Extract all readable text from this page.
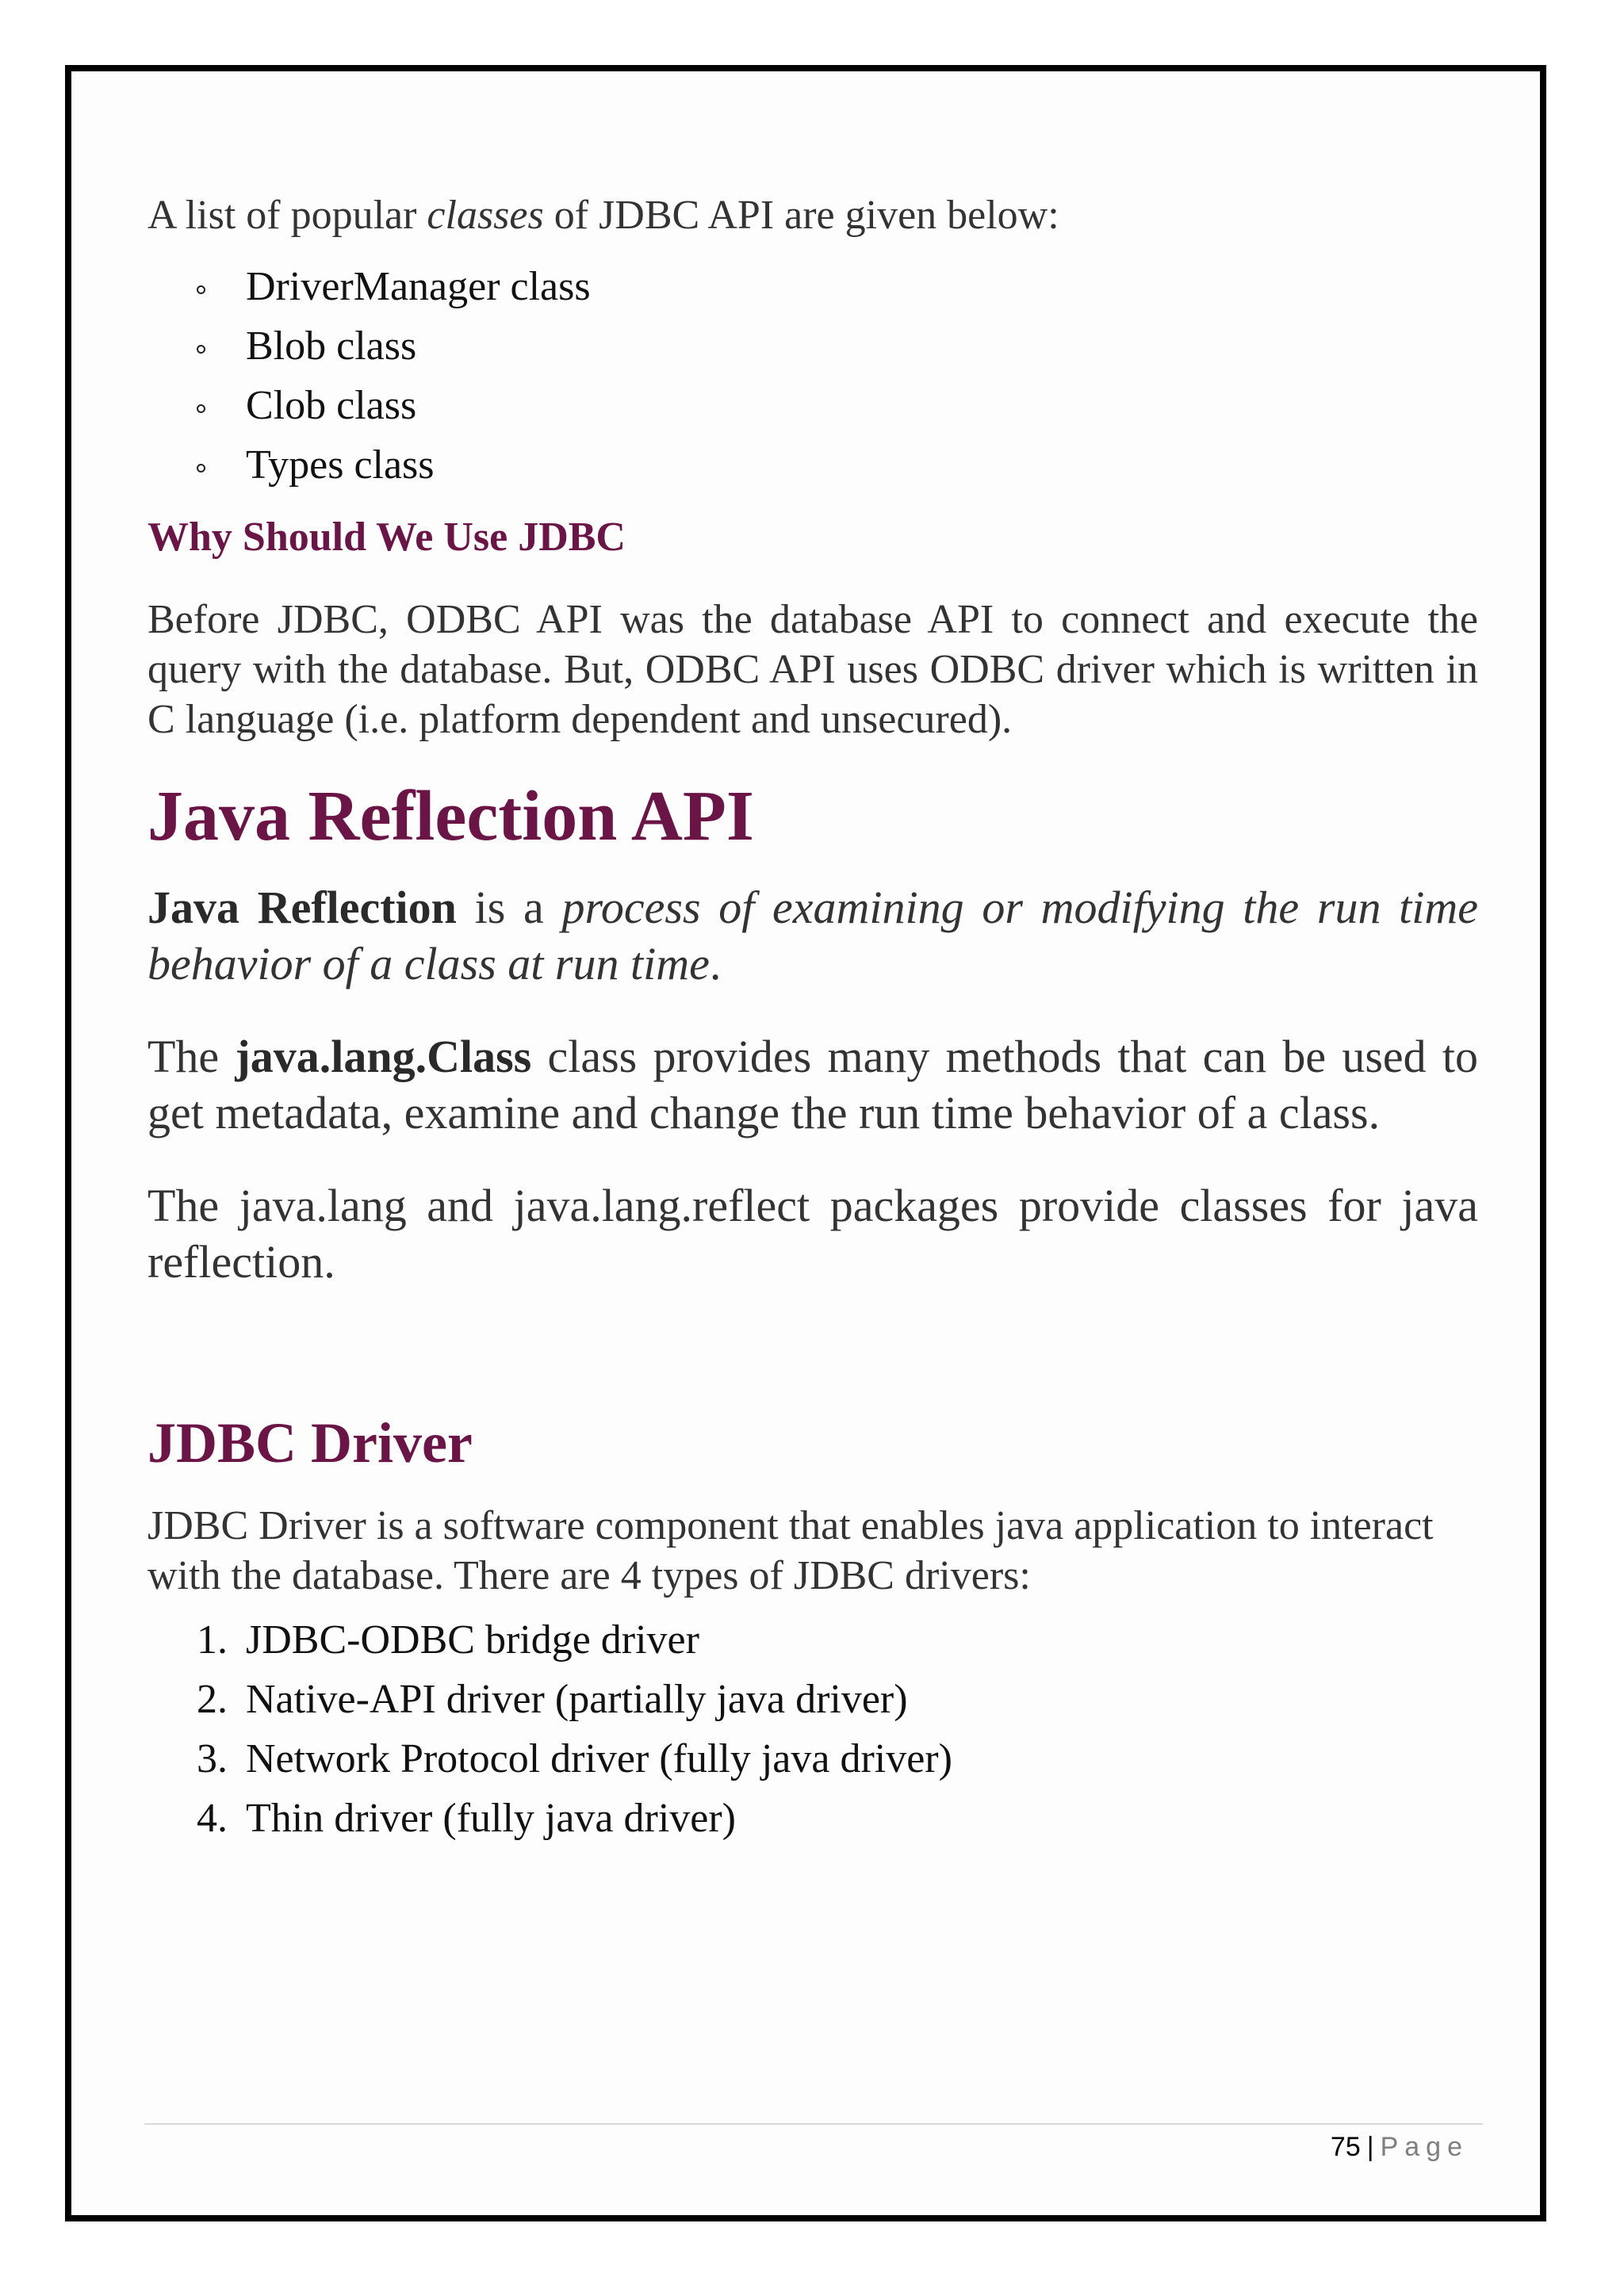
A list of popular classes of JDBC API are given below:

DriverManager class
Blob class
Clob class
Types class
Why Should We Use JDBC

Before JDBC, ODBC API was the database API to connect and execute the query with the database. But, ODBC API uses ODBC driver which is written in C language (i.e. platform dependent and unsecured).

Java Reflection API

Java Reflection is a process of examining or modifying the run time behavior of a class at run time.

The java.lang.Class class provides many methods that can be used to get metadata, examine and change the run time behavior of a class.

The java.lang and java.lang.reflect packages provide classes for java reflection.

JDBC Driver

JDBC Driver is a software component that enables java application to interact with the database. There are 4 types of JDBC drivers:

1. JDBC-ODBC bridge driver
2. Native-API driver (partially java driver)
3. Network Protocol driver (fully java driver)
4. Thin driver (fully java driver)
75 | Page
